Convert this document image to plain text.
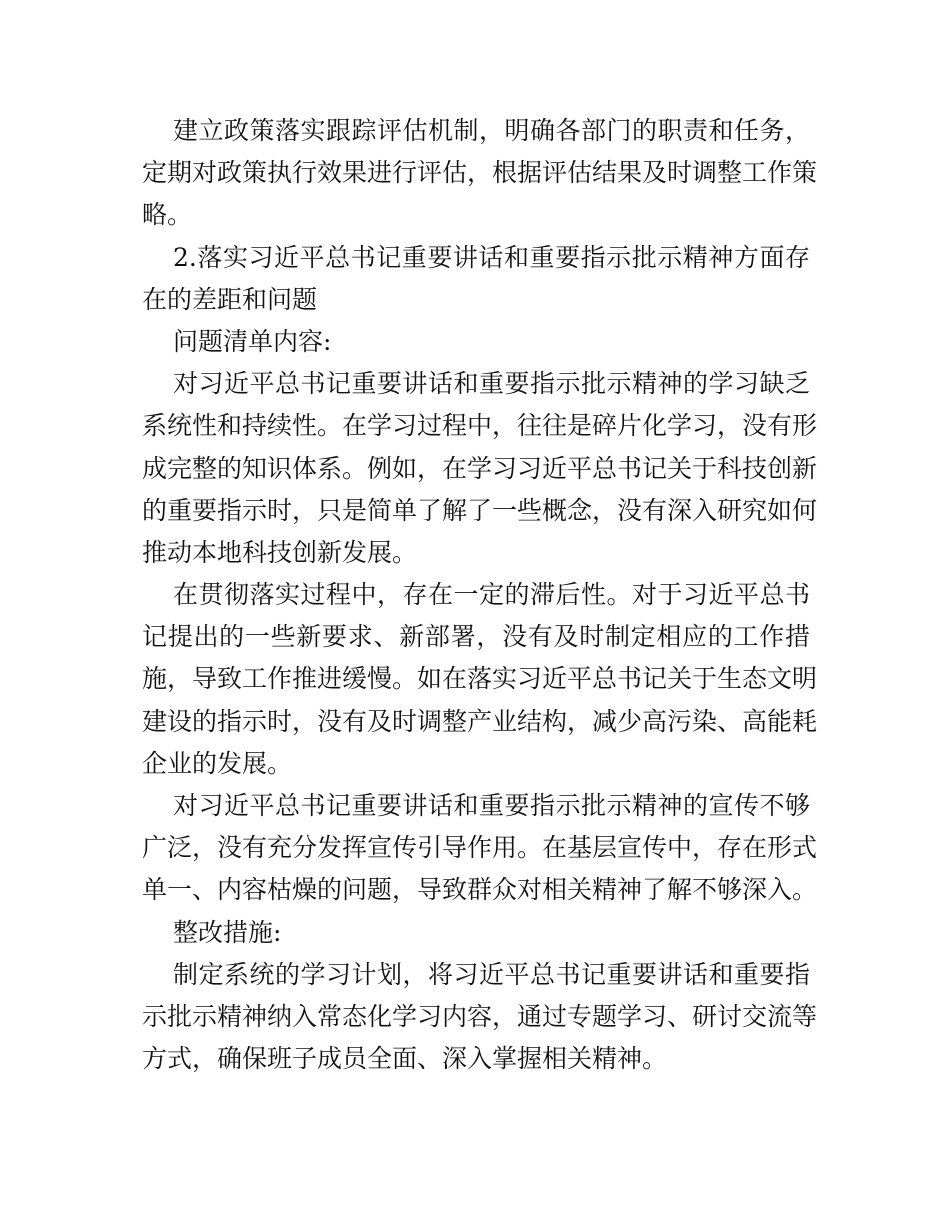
建立政策落实跟踪评估机制，明确各部门的职责和任务，
定期对政策执行效果进行评估，根据评估结果及时调整工作策
略。
2.落实习近平总书记重要讲话和重要指示批示精神方面存
在的差距和问题
问题清单内容:
对习近平总书记重要讲话和重要指示批示精神的学习缺乏
系统性和持续性。在学习过程中，往往是碎片化学习，没有形
成完整的知识体系。例如，在学习习近平总书记关于科技创新
的重要指示时，只是简单了解了一些概念，没有深入研究如何
推动本地科技创新发展。
在贯彻落实过程中，存在一定的滞后性。对于习近平总书
记提出的一些新要求、新部署，没有及时制定相应的工作措
施，导致工作推进缓慢。如在落实习近平总书记关于生态文明
建设的指示时，没有及时调整产业结构，减少高污染、高能耗
企业的发展。
对习近平总书记重要讲话和重要指示批示精神的宣传不够
广泛，没有充分发挥宣传引导作用。在基层宣传中，存在形式
单一、内容枯燥的问题，导致群众对相关精神了解不够深入。
整改措施:
制定系统的学习计划，将习近平总书记重要讲话和重要指
示批示精神纳入常态化学习内容，通过专题学习、研讨交流等
方式，确保班子成员全面、深入掌握相关精神。
